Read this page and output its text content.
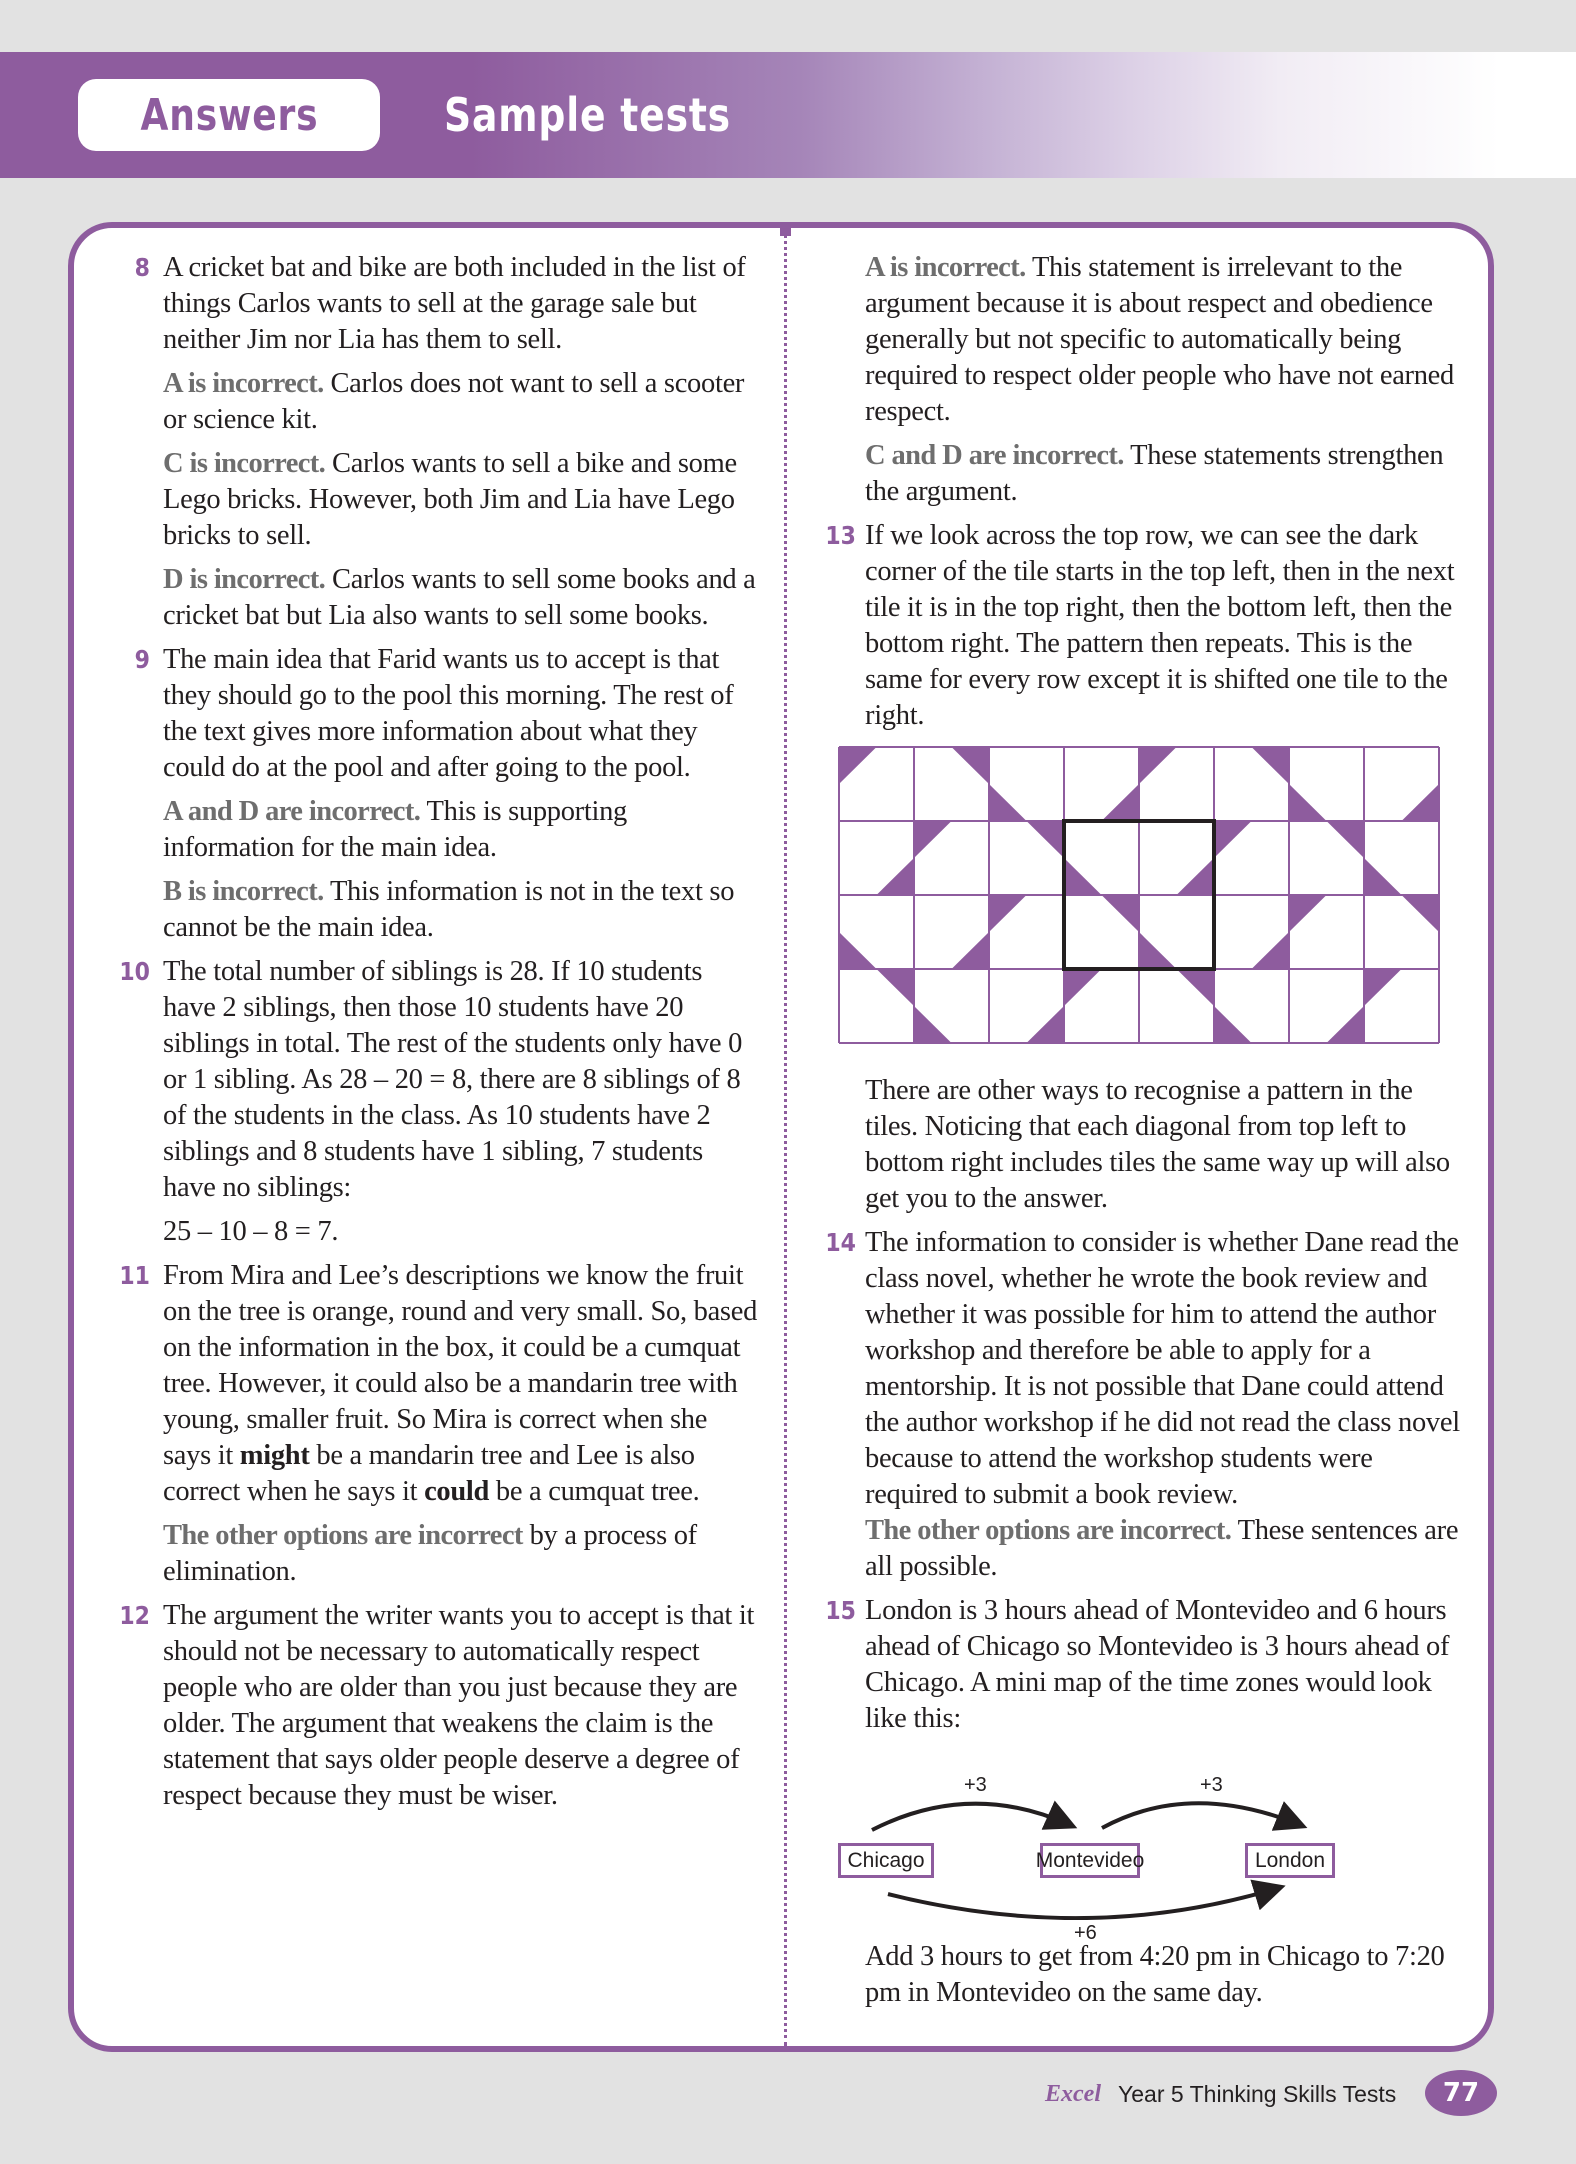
Answers	Sample tests
8 A cricket bat and bike are both included in the list of things Carlos wants to sell at the garage sale but neither Jim nor Lia has them to sell.

A is incorrect. Carlos does not want to sell a scooter or science kit.

C is incorrect. Carlos wants to sell a bike and some Lego bricks. However, both Jim and Lia have Lego bricks to sell.

D is incorrect. Carlos wants to sell some books and a cricket bat but Lia also wants to sell some books.

9 The main idea that Farid wants us to accept is that they should go to the pool this morning. The rest of the text gives more information about what they could do at the pool and after going to the pool.

A and D are incorrect. This is supporting information for the main idea.

B is incorrect. This information is not in the text so cannot be the main idea.

10 The total number of siblings is 28. If 10 students have 2 siblings, then those 10 students have 20 siblings in total. The rest of the students only have 0 or 1 sibling. As 28 – 20 = 8, there are 8 siblings of 8 of the students in the class. As 10 students have 2 siblings and 8 students have 1 sibling, 7 students have no siblings:

25 – 10 – 8 = 7.

11 From Mira and Lee’s descriptions we know the fruit on the tree is orange, round and very small. So, based on the information in the box, it could be a cumquat tree. However, it could also be a mandarin tree with young, smaller fruit. So Mira is correct when she says it might be a mandarin tree and Lee is also correct when he says it could be a cumquat tree.

The other options are incorrect by a process of elimination.

12 The argument the writer wants you to accept is that it should not be necessary to automatically respect people who are older than you just because they are older. The argument that weakens the claim is the statement that says older people deserve a degree of respect because they must be wiser.

A is incorrect. This statement is irrelevant to the argument because it is about respect and obedience generally but not specific to automatically being required to respect older people who have not earned respect.

C and D are incorrect. These statements strengthen the argument.

13 If we look across the top row, we can see the dark corner of the tile starts in the top left, then in the next tile it is in the top right, then the bottom left, then the bottom right. The pattern then repeats. This is the same for every row except it is shifted one tile to the right.

There are other ways to recognise a pattern in the tiles. Noticing that each diagonal from top left to bottom right includes tiles the same way up will also get you to the answer.

14 The information to consider is whether Dane read the class novel, whether he wrote the book review and whether it was possible for him to attend the author workshop and therefore be able to apply for a mentorship. It is not possible that Dane could attend the author workshop if he did not read the class novel because to attend the workshop students were required to submit a book review.

The other options are incorrect. These sentences are all possible.

15 London is 3 hours ahead of Montevideo and 6 hours ahead of Chicago so Montevideo is 3 hours ahead of Chicago. A mini map of the time zones would look like this:

+3	+3
Chicago	Montevideo	London
+6

Add 3 hours to get from 4:20 pm in Chicago to 7:20 pm in Montevideo on the same day.

Excel Year 5 Thinking Skills Tests	77
